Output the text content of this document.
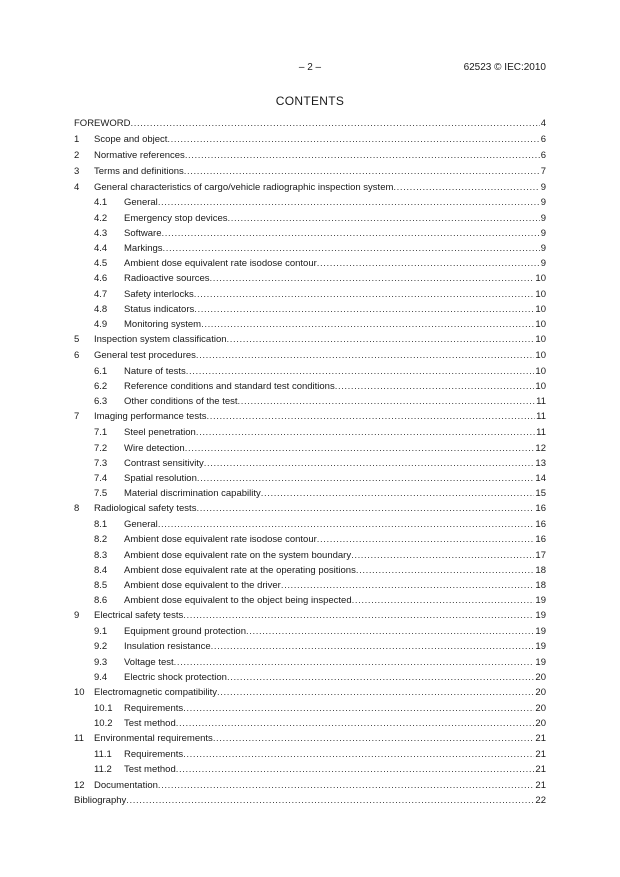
– 2 –	62523 © IEC:2010
CONTENTS
FOREWORD .....	4
1	Scope and object .....	6
2	Normative references .....	6
3	Terms and definitions .....	7
4	General characteristics of cargo/vehicle radiographic inspection system .....	9
4.1	General .....	9
4.2	Emergency stop devices .....	9
4.3	Software .....	9
4.4	Markings .....	9
4.5	Ambient dose equivalent rate isodose contour .....	9
4.6	Radioactive sources .....	10
4.7	Safety interlocks .....	10
4.8	Status indicators .....	10
4.9	Monitoring system .....	10
5	Inspection system classification .....	10
6	General test procedures .....	10
6.1	Nature of tests .....	10
6.2	Reference conditions and standard test conditions .....	10
6.3	Other conditions of the test .....	11
7	Imaging performance tests .....	11
7.1	Steel penetration .....	11
7.2	Wire detection .....	12
7.3	Contrast sensitivity .....	13
7.4	Spatial resolution .....	14
7.5	Material discrimination capability .....	15
8	Radiological safety tests .....	16
8.1	General .....	16
8.2	Ambient dose equivalent rate isodose contour .....	16
8.3	Ambient dose equivalent rate on the system boundary .....	17
8.4	Ambient dose equivalent rate at the operating positions .....	18
8.5	Ambient dose equivalent to the driver .....	18
8.6	Ambient dose equivalent to the object being inspected .....	19
9	Electrical safety tests .....	19
9.1	Equipment ground protection .....	19
9.2	Insulation resistance .....	19
9.3	Voltage test .....	19
9.4	Electric shock protection .....	20
10 Electromagnetic compatibility .....	20
10.1	Requirements .....	20
10.2	Test method .....	20
11	Environmental requirements .....	21
11.1	Requirements .....	21
11.2	Test method .....	21
12 Documentation .....	21
Bibliography .....	22
